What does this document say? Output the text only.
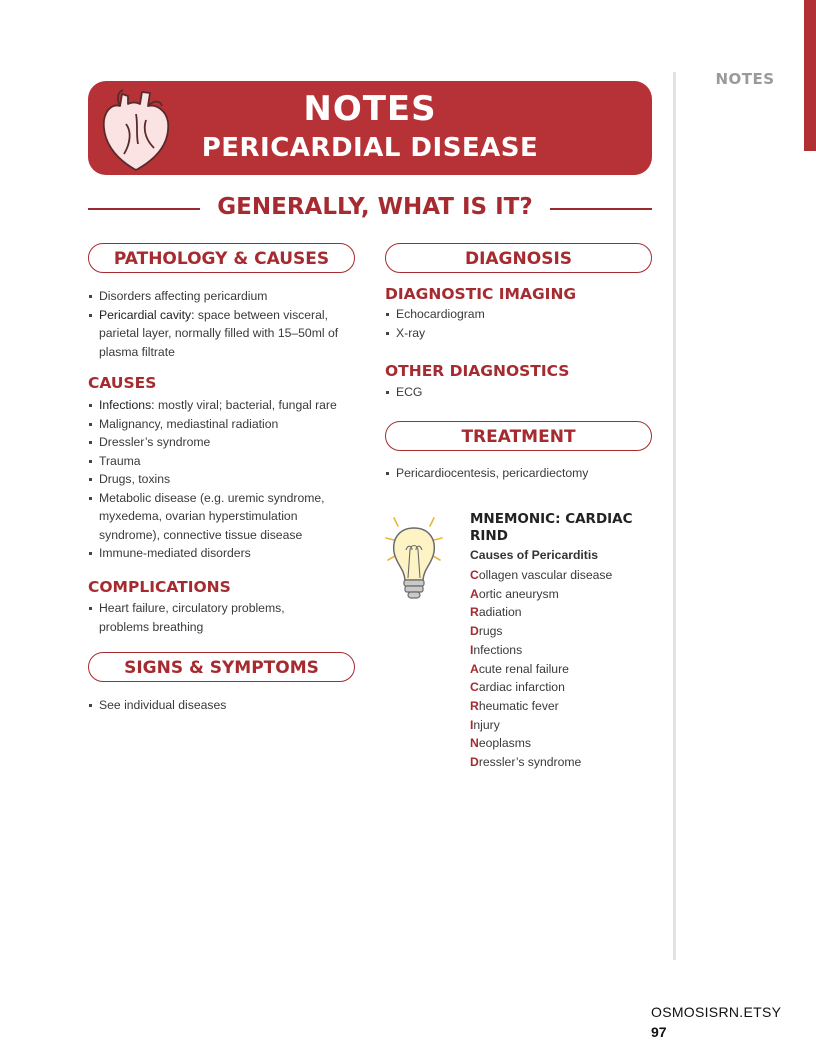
NOTES
NOTES
PERICARDIAL DISEASE
GENERALLY, WHAT IS IT?
PATHOLOGY & CAUSES
Disorders affecting pericardium
Pericardial cavity: space between visceral, parietal layer, normally filled with 15–50ml of plasma filtrate
CAUSES
Infections: mostly viral; bacterial, fungal rare
Malignancy, mediastinal radiation
Dressler’s syndrome
Trauma
Drugs, toxins
Metabolic disease (e.g. uremic syndrome, myxedema, ovarian hyperstimulation syndrome), connective tissue disease
Immune-mediated disorders
COMPLICATIONS
Heart failure, circulatory problems, problems breathing
SIGNS & SYMPTOMS
See individual diseases
DIAGNOSIS
DIAGNOSTIC IMAGING
Echocardiogram
X-ray
OTHER DIAGNOSTICS
ECG
TREATMENT
Pericardiocentesis, pericardiectomy
MNEMONIC: CARDIAC RIND
Causes of Pericarditis
Collagen vascular disease
Aortic aneurysm
Radiation
Drugs
Infections
Acute renal failure
Cardiac infarction
Rheumatic fever
Injury
Neoplasms
Dressler’s syndrome
OSMOSISRN.ETSY
97
